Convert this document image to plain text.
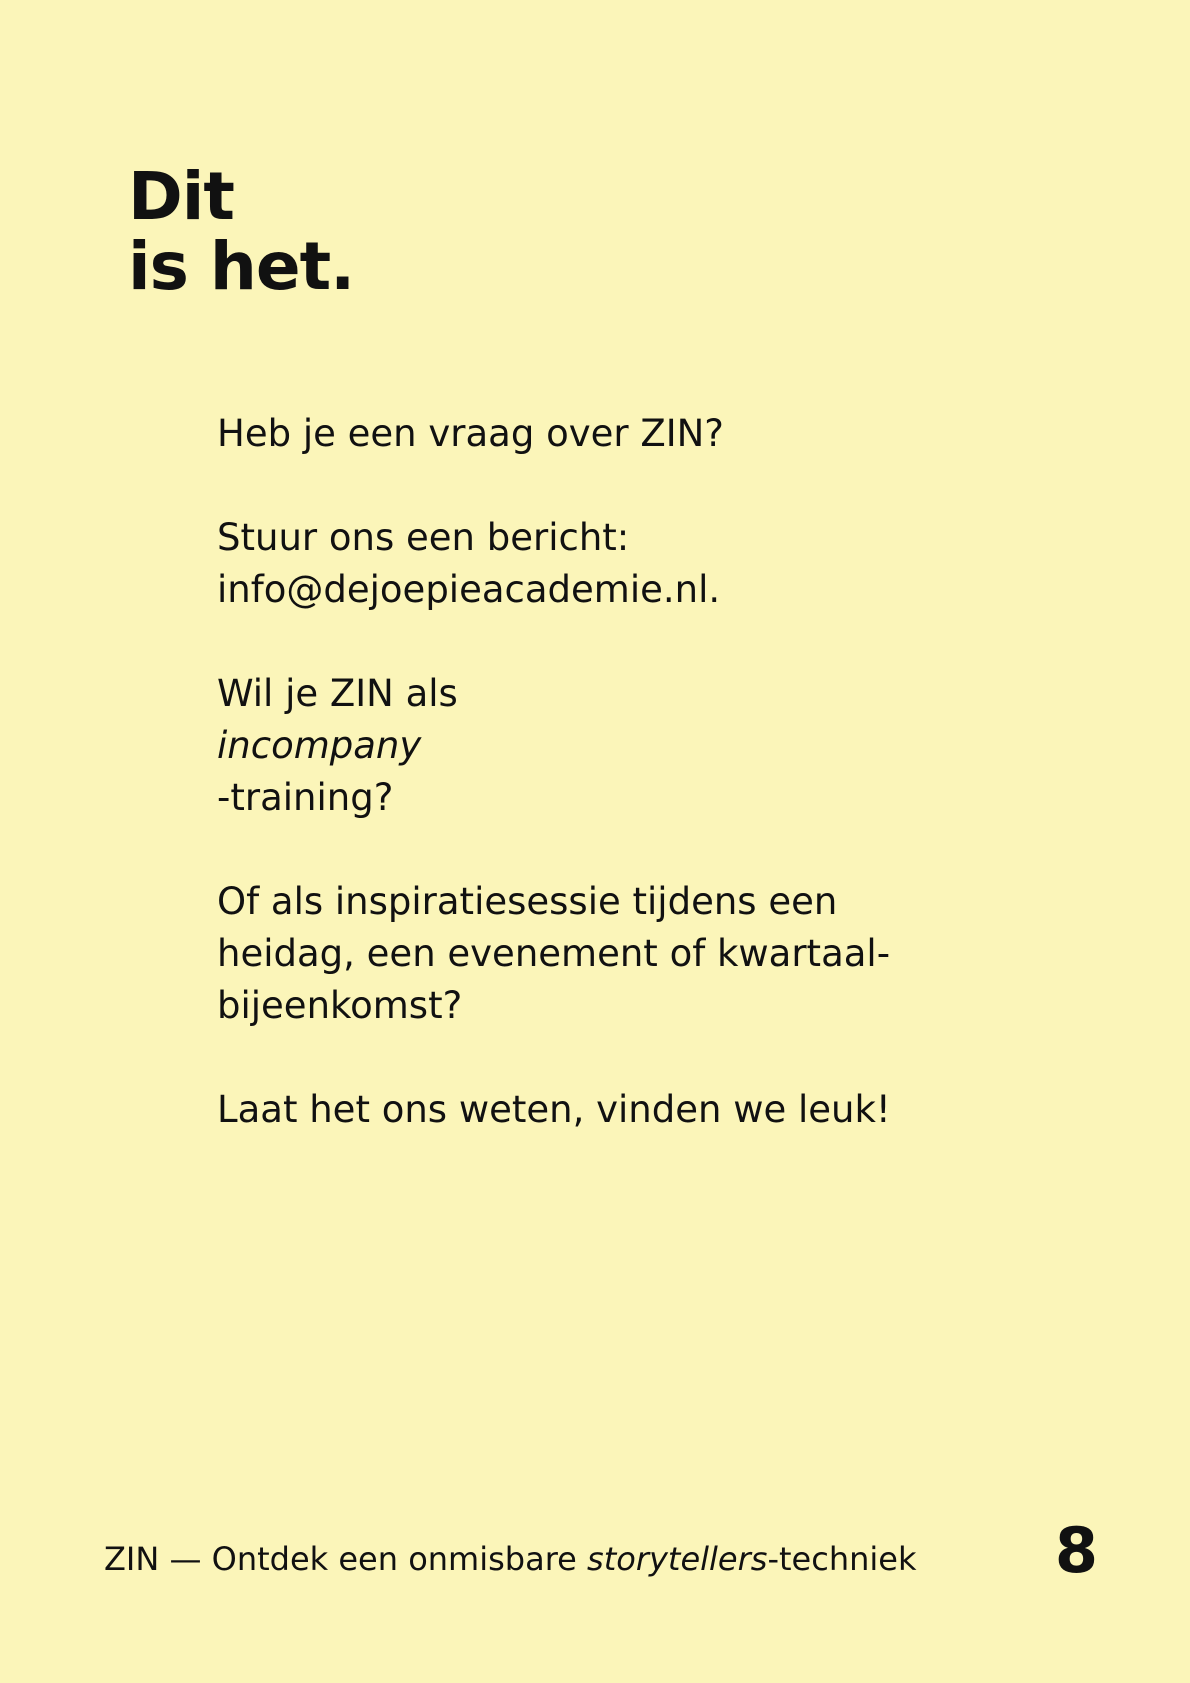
Dit
is het.

Heb je een vraag over ZIN?

Stuur ons een bericht:
info@dejoepieacademie.nl.

Wil je ZIN als
incompany
-training?

Of als inspiratiesessie tijdens een
heidag, een evenement of kwartaal-
bijeenkomst?

Laat het ons weten, vinden we leuk!

ZIN — Ontdek een onmisbare storytellers-techniek 8
